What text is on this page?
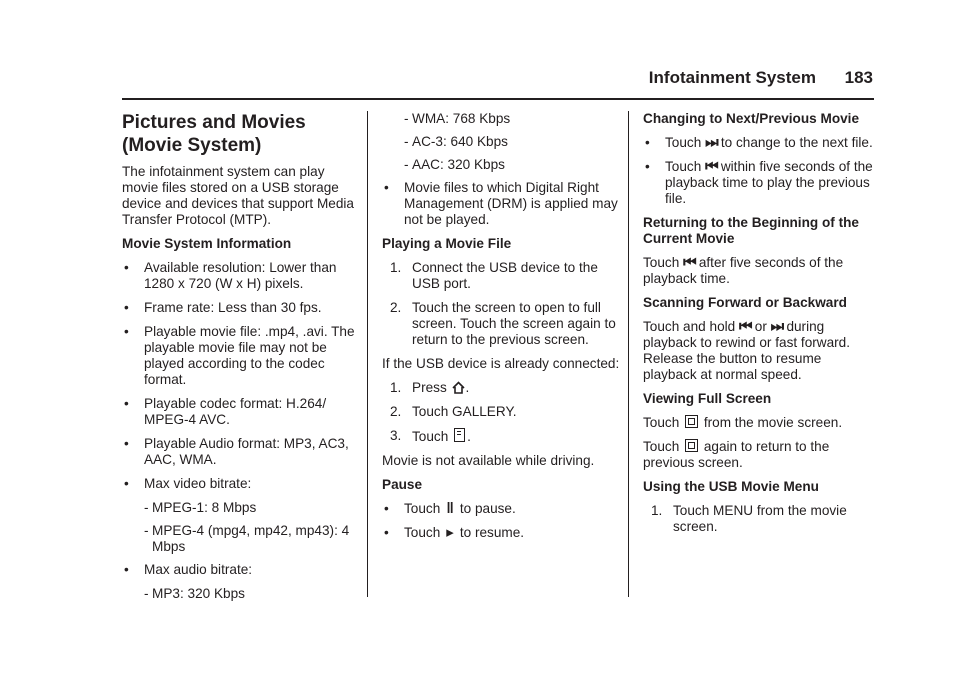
Infotainment System 183
Pictures and Movies
(Movie System)
The infotainment system can play movie files stored on a USB storage device and devices that support Media Transfer Protocol (MTP).
Movie System Information
• Available resolution: Lower than 1280 x 720 (W x H) pixels.
• Frame rate: Less than 30 fps.
• Playable movie file: .mp4, .avi. The playable movie file may not be played according to the codec format.
• Playable codec format: H.264/ MPEG-4 AVC.
• Playable Audio format: MP3, AC3, AAC, WMA.
• Max video bitrate:
- MPEG-1: 8 Mbps
- MPEG-4 (mpg4, mp42, mp43): 4 Mbps
• Max audio bitrate:
- MP3: 320 Kbps
- WMA: 768 Kbps
- AC-3: 640 Kbps
- AAC: 320 Kbps
• Movie files to which Digital Right Management (DRM) is applied may not be played.
Playing a Movie File
1. Connect the USB device to the USB port.
2. Touch the screen to open to full screen. Touch the screen again to return to the previous screen.
If the USB device is already connected:
1. Press .
2. Touch GALLERY.
3. Touch .
Movie is not available while driving.
Pause
• Touch ‖ to pause.
• Touch ▸ to resume.
Changing to Next/Previous Movie
• Touch ⏭ to change to the next file.
• Touch ⏮ within five seconds of the playback time to play the previous file.
Returning to the Beginning of the Current Movie
Touch ⏮ after five seconds of the playback time.
Scanning Forward or Backward
Touch and hold ⏮ or ⏭ during playback to rewind or fast forward. Release the button to resume playback at normal speed.
Viewing Full Screen
Touch from the movie screen.
Touch again to return to the previous screen.
Using the USB Movie Menu
1. Touch MENU from the movie screen.
